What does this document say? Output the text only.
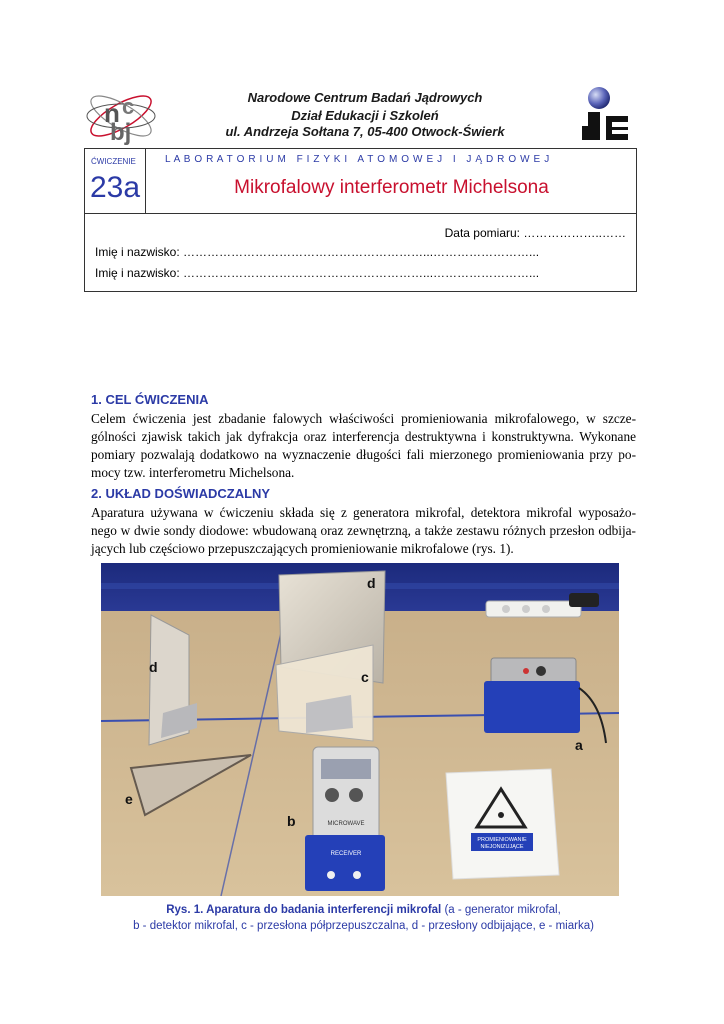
n c
bj
Narodowe Centrum Badań Jądrowych
Dział Edukacji i Szkoleń
ul. Andrzeja Sołtana 7, 05-400 Otwock-Świerk
ĆWICZENIE
23a
L A B O R A T O R I U M   F I Z Y K I   A T O M O W E J   I   J Ą D R O W E J
Mikrofalowy interferometr Michelsona
Data pomiaru: ………………..……
Imię i nazwisko: ……………………………………………………...……………………...
Imię i nazwisko: ……………………………………………………...……………………...
1. CEL ĆWICZENIA
Celem ćwiczenia jest zbadanie falowych właściwości promieniowania mikrofalowego, w szcze-
gólności zjawisk takich jak dyfrakcja oraz interferencja destruktywna i konstruktywna. Wykonane
pomiary pozwalają dodatkowo na wyznaczenie długości fali mierzonego promieniowania przy po-
mocy tzw. interferometru Michelsona.
2. UKŁAD DOŚWIADCZALNY
Aparatura używana w ćwiczeniu składa się z generatora mikrofal, detektora mikrofal wyposażo-
nego w dwie sondy diodowe: wbudowaną oraz zewnętrzną, a także zestawu różnych przesłon odbija-
jących lub częściowo przepuszczających promieniowanie mikrofalowe (rys. 1).
MICROWAVE
RECEIVER
PROMIENIOWANIE
NIEJONIZUJĄCE
d
d
c
a
e
b
Rys. 1. Aparatura do badania interferencji mikrofal (a - generator mikrofal,
b - detektor mikrofal, c - przesłona półprzepuszczalna, d - przesłony odbijające, e - miarka)
